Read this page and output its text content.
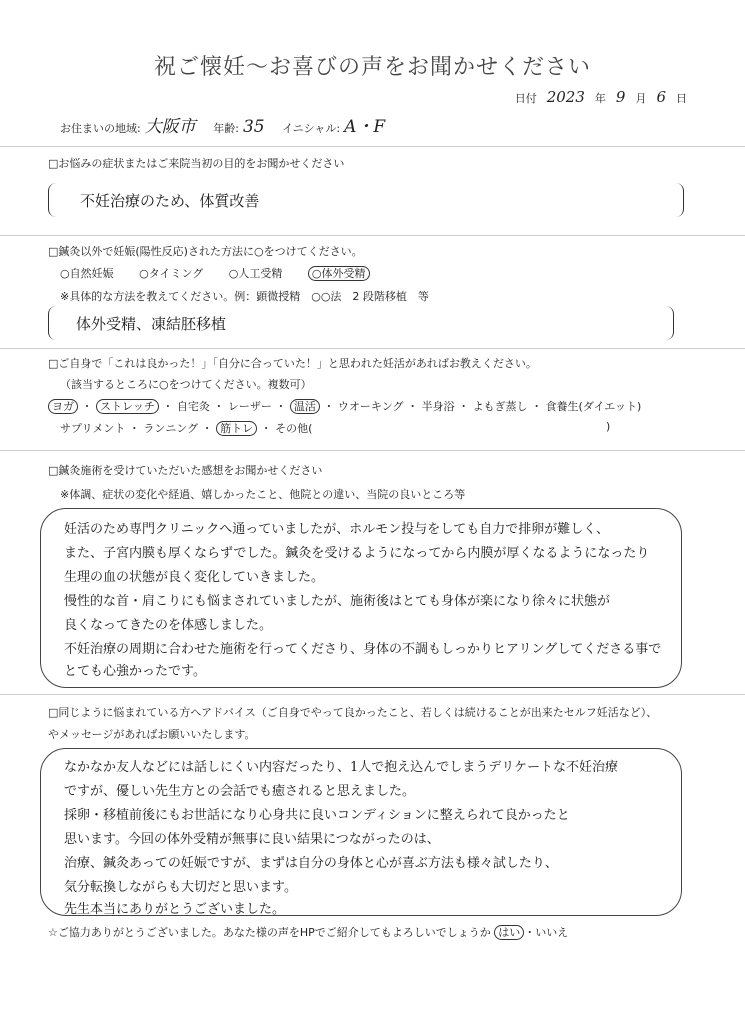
祝ご懐妊～お喜びの声をお聞かせください
日付 2023 年 9 月 6 日
お住まいの地域: 大阪市 年齢: 35 イニシャル: A・F
□お悩みの症状またはご来院当初の目的をお聞かせください
不妊治療のため、体質改善
□鍼灸以外で妊娠(陽性反応)された方法に○をつけてください。
○自然妊娠 ○タイミング ○人工受精	○体外受精
※具体的な方法を教えてください。例：顕微授精　○○法　2 段階移植　等
体外受精、凍結胚移植
□ご自身で「これは良かった！」「自分に合っていた！」と思われた妊活があればお教えください。
（該当するところに○をつけてください。複数可）
ヨガ ・ ストレッチ ・ 自宅灸 ・ レーザー ・ 温活 ・ ウオーキング ・ 半身浴 ・ よもぎ蒸し ・ 食養生(ダイエット)
サプリメント ・ ランニング ・ 筋トレ ・ その他(	)
□鍼灸施術を受けていただいた感想をお聞かせください
※体調、症状の変化や経過、嬉しかったこと、他院との違い、当院の良いところ等
妊活のため専門クリニックへ通っていましたが、ホルモン投与をしても自力で排卵が難しく、
また、子宮内膜も厚くならずでした。鍼灸を受けるようになってから内膜が厚くなるようになったり
生理の血の状態が良く変化していきました。
慢性的な首・肩こりにも悩まされていましたが、施術後はとても身体が楽になり徐々に状態が
良くなってきたのを体感しました。
不妊治療の周期に合わせた施術を行ってくださり、身体の不調もしっかりヒアリングしてくださる事で
とても心強かったです。
□同じように悩まれている方へアドバイス（ご自身でやって良かったこと、若しくは続けることが出来たセルフ妊活など）、
やメッセージがあればお願いいたします。
なかなか友人などには話しにくい内容だったり、1人で抱え込んでしまうデリケートな不妊治療
ですが、優しい先生方との会話でも癒されると思えました。
採卵・移植前後にもお世話になり心身共に良いコンディションに整えられて良かったと
思います。今回の体外受精が無事に良い結果につながったのは、
治療、鍼灸あっての妊娠ですが、まずは自分の身体と心が喜ぶ方法も様々試したり、
気分転換しながらも大切だと思います。
先生本当にありがとうございました。
☆ご協力ありがとうございました。あなた様の声をHPでご紹介してもよろしいでしょうか はい ・いいえ
